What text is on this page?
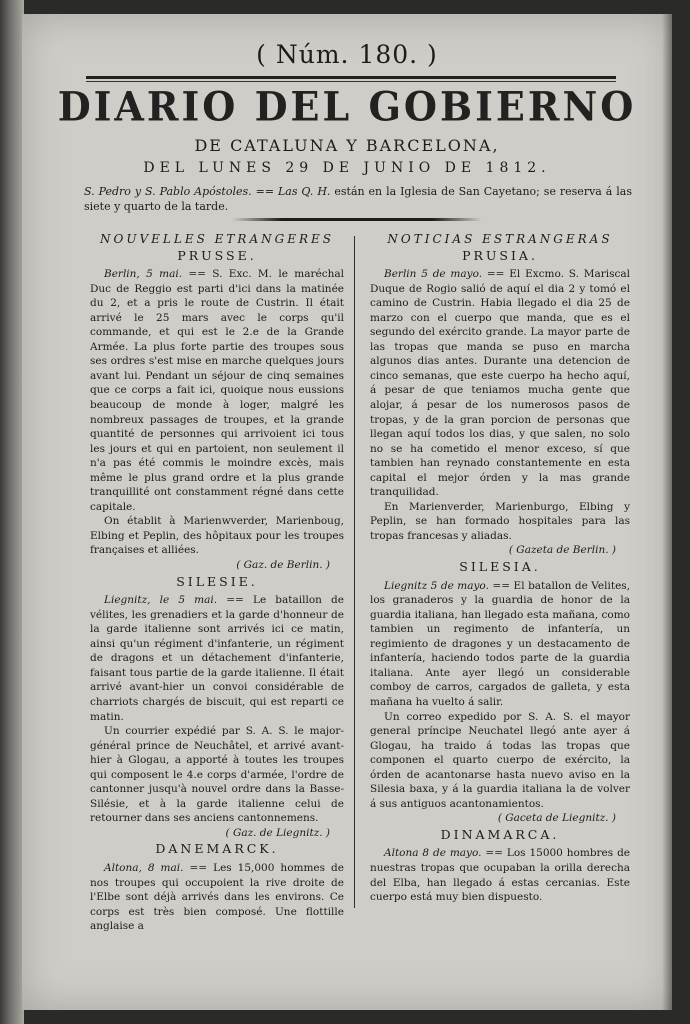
( Núm. 180. )
DIARIO DEL GOBIERNO
DE CATALUNA Y BARCELONA,
DEL LUNES 29 DE JUNIO DE 1812.
S. Pedro y S. Pablo Apóstoles. == Las Q. H. están en la Iglesia de San Cayetano; se reserva á las siete y quarto de la tarde.
NOUVELLES ETRANGERES
PRUSSE.

Berlin, 5 mai. == S. Exc. M. le maréchal Duc de Reggio est parti d'ici dans la matinée du 2, et a pris le route de Custrin. Il était arrivé le 25 mars avec le corps qu'il commande, et qui est le 2.e de la Grande Armée. La plus forte partie des troupes sous ses ordres s'est mise en marche quelques jours avant lui. Pendant un séjour de cinq semaines que ce corps a fait ici, quoique nous eussions beaucoup de monde à loger, malgré les nombreux passages de troupes, et la grande quantité de personnes qui arrivoient ici tous les jours et qui en partoient, non seulement il n'a pas été commis le moindre excès, mais même le plus grand ordre et la plus grande tranquillité ont constamment régné dans cette capitale.

On établit à Marienwverder, Marienboug, Elbing et Peplin, des hôpitaux pour les troupes françaises et alliées.

( Gaz. de Berlin. )
SILESIE.

Liegnitz, le 5 mai. == Le bataillon de vélites, les grenadiers et la garde d'honneur de la garde italienne sont arrivés ici ce matin, ainsi qu'un régiment d'infanterie, un régiment de dragons et un détachement d'infanterie, faisant tous partie de la garde italienne. Il était arrivé avant-hier un convoi considérable de charriots chargés de biscuit, qui est reparti ce matin.

Un courrier expédié par S. A. S. le major-général prince de Neuchâtel, et arrivé avant-hier à Glogau, a apporté à toutes les troupes qui composent le 4.e corps d'armée, l'ordre de cantonner jusqu'à nouvel ordre dans la Basse-Silésie, et à la garde italienne celui de retourner dans ses anciens cantonnemens.

( Gaz. de Liegnitz. )
DANEMARCK.

Altona, 8 mai. == Les 15,000 hommes de nos troupes qui occupoient la rive droite de l'Elbe sont déjà arrivés dans les environs. Ce corps est très bien composé. Une flottille anglaise a

NOTICIAS ESTRANGERAS
PRUSIA.

Berlin 5 de mayo. == El Excmo. S. Mariscal Duque de Rogio salió de aquí el dia 2 y tomó el camino de Custrin. Habia llegado el dia 25 de marzo con el cuerpo que manda, que es el segundo del exército grande. La mayor parte de las tropas que manda se puso en marcha algunos dias antes. Durante una detencion de cinco semanas, que este cuerpo ha hecho aquí, á pesar de que teniamos mucha gente que alojar, á pesar de los numerosos pasos de tropas, y de la gran porcion de personas que llegan aquí todos los dias, y que salen, no solo no se ha cometido el menor exceso, sí que tambien han reynado constantemente en esta capital el mejor órden y la mas grande tranquilidad.

En Marienverder, Marienburgo, Elbing y Peplin, se han formado hospitales para las tropas francesas y aliadas.

( Gazeta de Berlin. )
SILESIA.

Liegnitz 5 de mayo. == El batallon de Velites, los granaderos y la guardia de honor de la guardia italiana, han llegado esta mañana, como tambien un regimento de infantería, un regimiento de dragones y un destacamento de infantería, haciendo todos parte de la guardia italiana. Ante ayer llegó un considerable comboy de carros, cargados de galleta, y esta mañana ha vuelto á salir.

Un correo expedido por S. A. S. el mayor general príncipe Neuchatel llegó ante ayer á Glogau, ha traido á todas las tropas que componen el quarto cuerpo de exército, la órden de acantonarse hasta nuevo aviso en la Silesia baxa, y á la guardia italiana la de volver á sus antiguos acantonamientos.

( Gaceta de Liegnitz. )
DINAMARCA.

Altona 8 de mayo. == Los 15000 hombres de nuestras tropas que ocupaban la orilla derecha del Elba, han llegado á estas cercanias. Este cuerpo está muy bien dispuesto.
